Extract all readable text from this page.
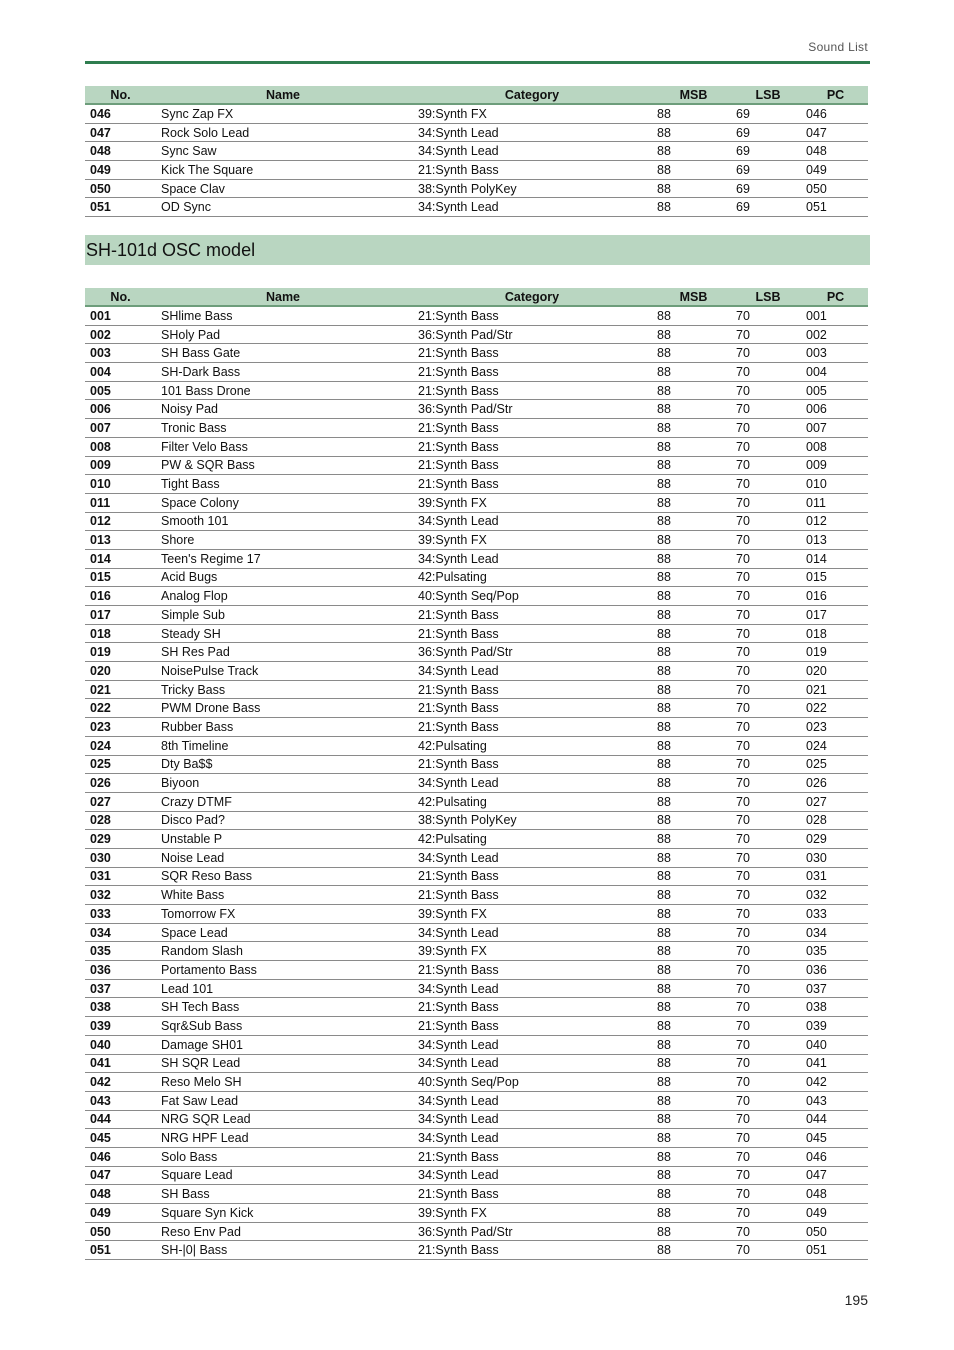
Sound List
No.	Name	Category	MSB	LSB	PC
046	Sync Zap FX	39:Synth FX	88	69	046
047	Rock Solo Lead	34:Synth Lead	88	69	047
048	Sync Saw	34:Synth Lead	88	69	048
049	Kick The Square	21:Synth Bass	88	69	049
050	Space Clav	38:Synth PolyKey	88	69	050
051	OD Sync	34:Synth Lead	88	69	051
SH-101d OSC model
No.	Name	Category	MSB	LSB	PC
001	SHlime Bass	21:Synth Bass	88	70	001
002	SHoly Pad	36:Synth Pad/Str	88	70	002
003	SH Bass Gate	21:Synth Bass	88	70	003
004	SH-Dark Bass	21:Synth Bass	88	70	004
005	101 Bass Drone	21:Synth Bass	88	70	005
006	Noisy Pad	36:Synth Pad/Str	88	70	006
007	Tronic Bass	21:Synth Bass	88	70	007
008	Filter Velo Bass	21:Synth Bass	88	70	008
009	PW & SQR Bass	21:Synth Bass	88	70	009
010	Tight Bass	21:Synth Bass	88	70	010
011	Space Colony	39:Synth FX	88	70	011
012	Smooth 101	34:Synth Lead	88	70	012
013	Shore	39:Synth FX	88	70	013
014	Teen's Regime 17	34:Synth Lead	88	70	014
015	Acid Bugs	42:Pulsating	88	70	015
016	Analog Flop	40:Synth Seq/Pop	88	70	016
017	Simple Sub	21:Synth Bass	88	70	017
018	Steady SH	21:Synth Bass	88	70	018
019	SH Res Pad	36:Synth Pad/Str	88	70	019
020	NoisePulse Track	34:Synth Lead	88	70	020
021	Tricky Bass	21:Synth Bass	88	70	021
022	PWM Drone Bass	21:Synth Bass	88	70	022
023	Rubber Bass	21:Synth Bass	88	70	023
024	8th Timeline	42:Pulsating	88	70	024
025	Dty Ba$$	21:Synth Bass	88	70	025
026	Biyoon	34:Synth Lead	88	70	026
027	Crazy DTMF	42:Pulsating	88	70	027
028	Disco Pad?	38:Synth PolyKey	88	70	028
029	Unstable P	42:Pulsating	88	70	029
030	Noise Lead	34:Synth Lead	88	70	030
031	SQR Reso Bass	21:Synth Bass	88	70	031
032	White Bass	21:Synth Bass	88	70	032
033	Tomorrow FX	39:Synth FX	88	70	033
034	Space Lead	34:Synth Lead	88	70	034
035	Random Slash	39:Synth FX	88	70	035
036	Portamento Bass	21:Synth Bass	88	70	036
037	Lead 101	34:Synth Lead	88	70	037
038	SH Tech Bass	21:Synth Bass	88	70	038
039	Sqr&Sub Bass	21:Synth Bass	88	70	039
040	Damage SH01	34:Synth Lead	88	70	040
041	SH SQR Lead	34:Synth Lead	88	70	041
042	Reso Melo SH	40:Synth Seq/Pop	88	70	042
043	Fat Saw Lead	34:Synth Lead	88	70	043
044	NRG SQR Lead	34:Synth Lead	88	70	044
045	NRG HPF Lead	34:Synth Lead	88	70	045
046	Solo Bass	21:Synth Bass	88	70	046
047	Square Lead	34:Synth Lead	88	70	047
048	SH Bass	21:Synth Bass	88	70	048
049	Square Syn Kick	39:Synth FX	88	70	049
050	Reso Env Pad	36:Synth Pad/Str	88	70	050
051	SH-|0| Bass	21:Synth Bass	88	70	051
195
